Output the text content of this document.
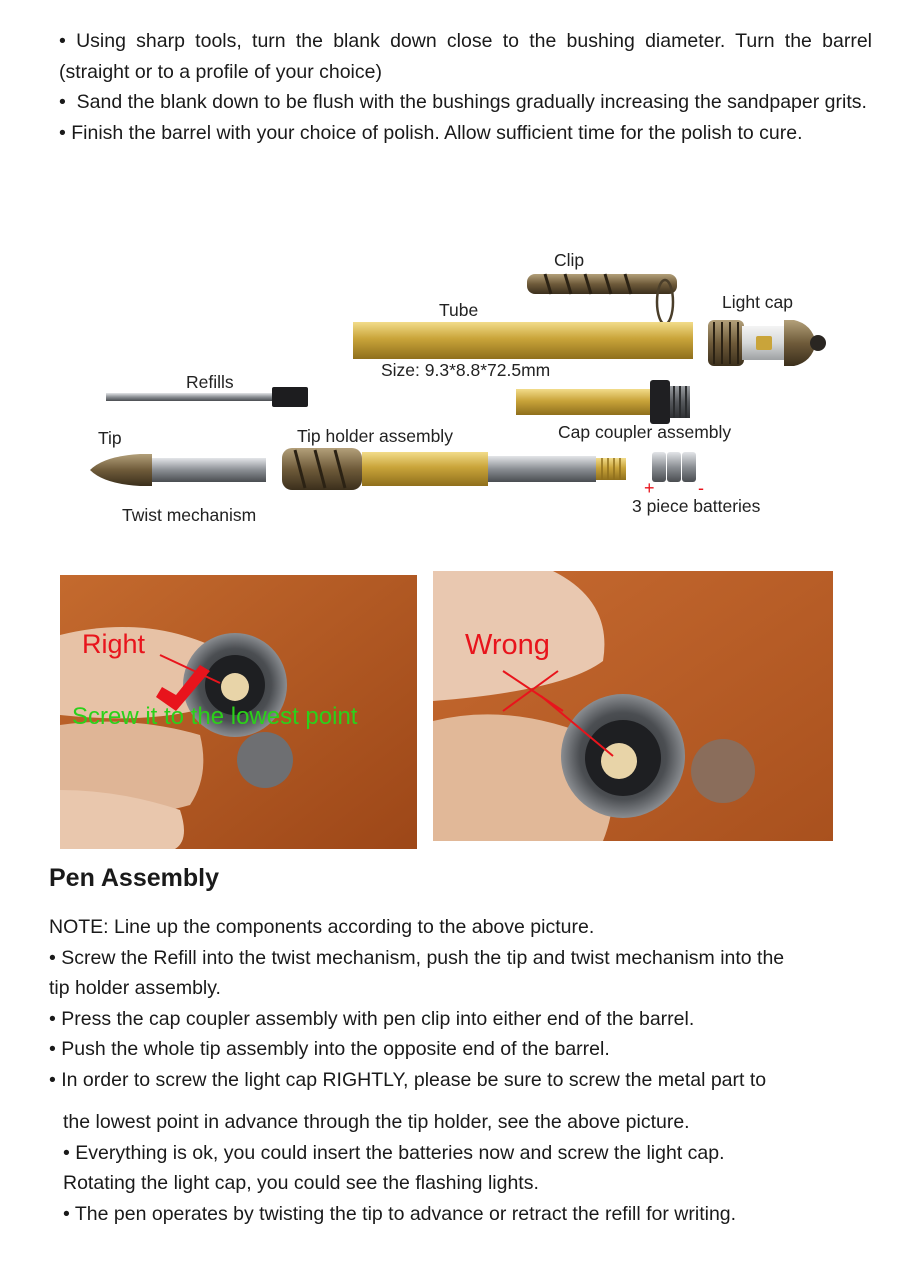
• Using sharp tools, turn the blank down close to the bushing diameter. Turn the barrel (straight or to a profile of your choice)

•  Sand the blank down to be flush with the bushings gradually increasing the sandpaper grits.

• Finish the barrel with your choice of polish. Allow sufficient time for the polish to cure.

Clip
Tube	Light cap
Size: 9.3*8.8*72.5mm
Refills
Tip	Tip holder assembly	Cap coupler assembly
Twist mechanism
+ -
3 piece batteries
Right
Screw it to the lowest point
Wrong
Pen Assembly

NOTE: Line up the components according to the above picture.

• Screw the Refill into the twist mechanism, push the tip and twist mechanism into the

tip holder assembly.

• Press the cap coupler assembly with pen clip into either end of the barrel.

• Push the whole tip assembly into the opposite end of the barrel.

• In order to screw the light cap RIGHTLY, please be sure to screw the metal part to

the lowest point in advance through the tip holder, see the above picture.

• Everything is ok, you could insert the batteries now and screw the light cap.

Rotating the light cap, you could see the flashing lights.

• The pen operates by twisting the tip to advance or retract the refill for writing.
